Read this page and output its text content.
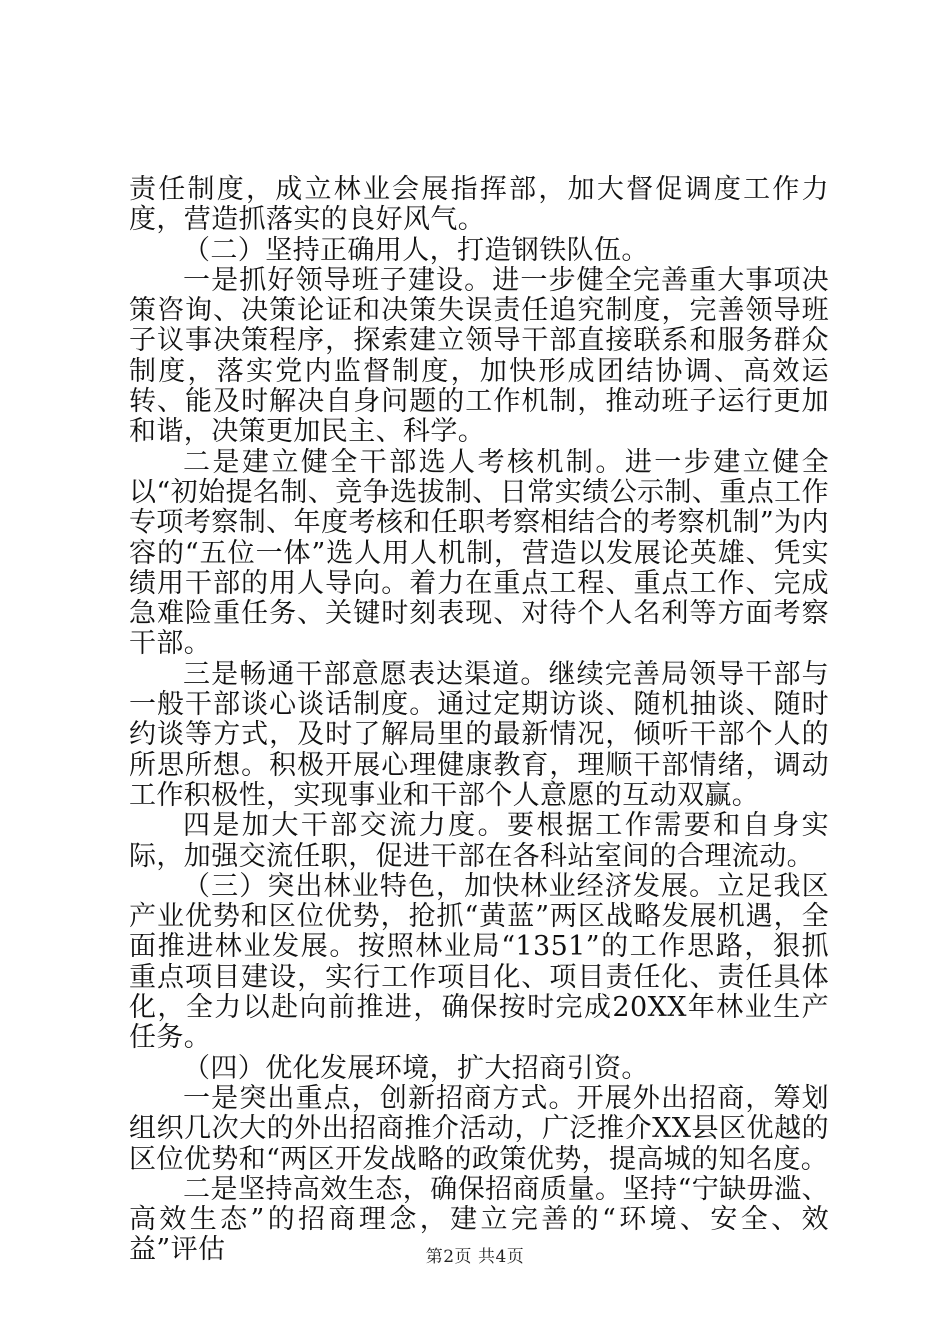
责任制度，成立林业会展指挥部，加大督促调度工作力度，营造抓落实的良好风气。

（二）坚持正确用人，打造钢铁队伍。

一是抓好领导班子建设。进一步健全完善重大事项决策咨询、决策论证和决策失误责任追究制度，完善领导班子议事决策程序，探索建立领导干部直接联系和服务群众制度，落实党内监督制度，加快形成团结协调、高效运转、能及时解决自身问题的工作机制，推动班子运行更加和谐，决策更加民主、科学。

二是建立健全干部选人考核机制。进一步建立健全以“初始提名制、竞争选拔制、日常实绩公示制、重点工作专项考察制、年度考核和任职考察相结合的考察机制”为内容的“五位一体”选人用人机制，营造以发展论英雄、凭实绩用干部的用人导向。着力在重点工程、重点工作、完成急难险重任务、关键时刻表现、对待个人名利等方面考察干部。

三是畅通干部意愿表达渠道。继续完善局领导干部与一般干部谈心谈话制度。通过定期访谈、随机抽谈、随时约谈等方式，及时了解局里的最新情况，倾听干部个人的所思所想。积极开展心理健康教育，理顺干部情绪，调动工作积极性，实现事业和干部个人意愿的互动双赢。

四是加大干部交流力度。要根据工作需要和自身实际，加强交流任职，促进干部在各科站室间的合理流动。

（三）突出林业特色，加快林业经济发展。立足我区产业优势和区位优势，抢抓“黄蓝”两区战略发展机遇，全面推进林业发展。按照林业局“1351”的工作思路，狠抓重点项目建设，实行工作项目化、项目责任化、责任具体化，全力以赴向前推进，确保按时完成20XX年林业生产任务。

（四）优化发展环境，扩大招商引资。

一是突出重点，创新招商方式。开展外出招商，筹划组织几次大的外出招商推介活动，广泛推介XX县区优越的区位优势和“两区开发战略的政策优势，提高城的知名度。

二是坚持高效生态，确保招商质量。坚持“宁缺毋滥、高效生态”的招商理念，建立完善的“环境、安全、效益”评估	第2页 共4页
